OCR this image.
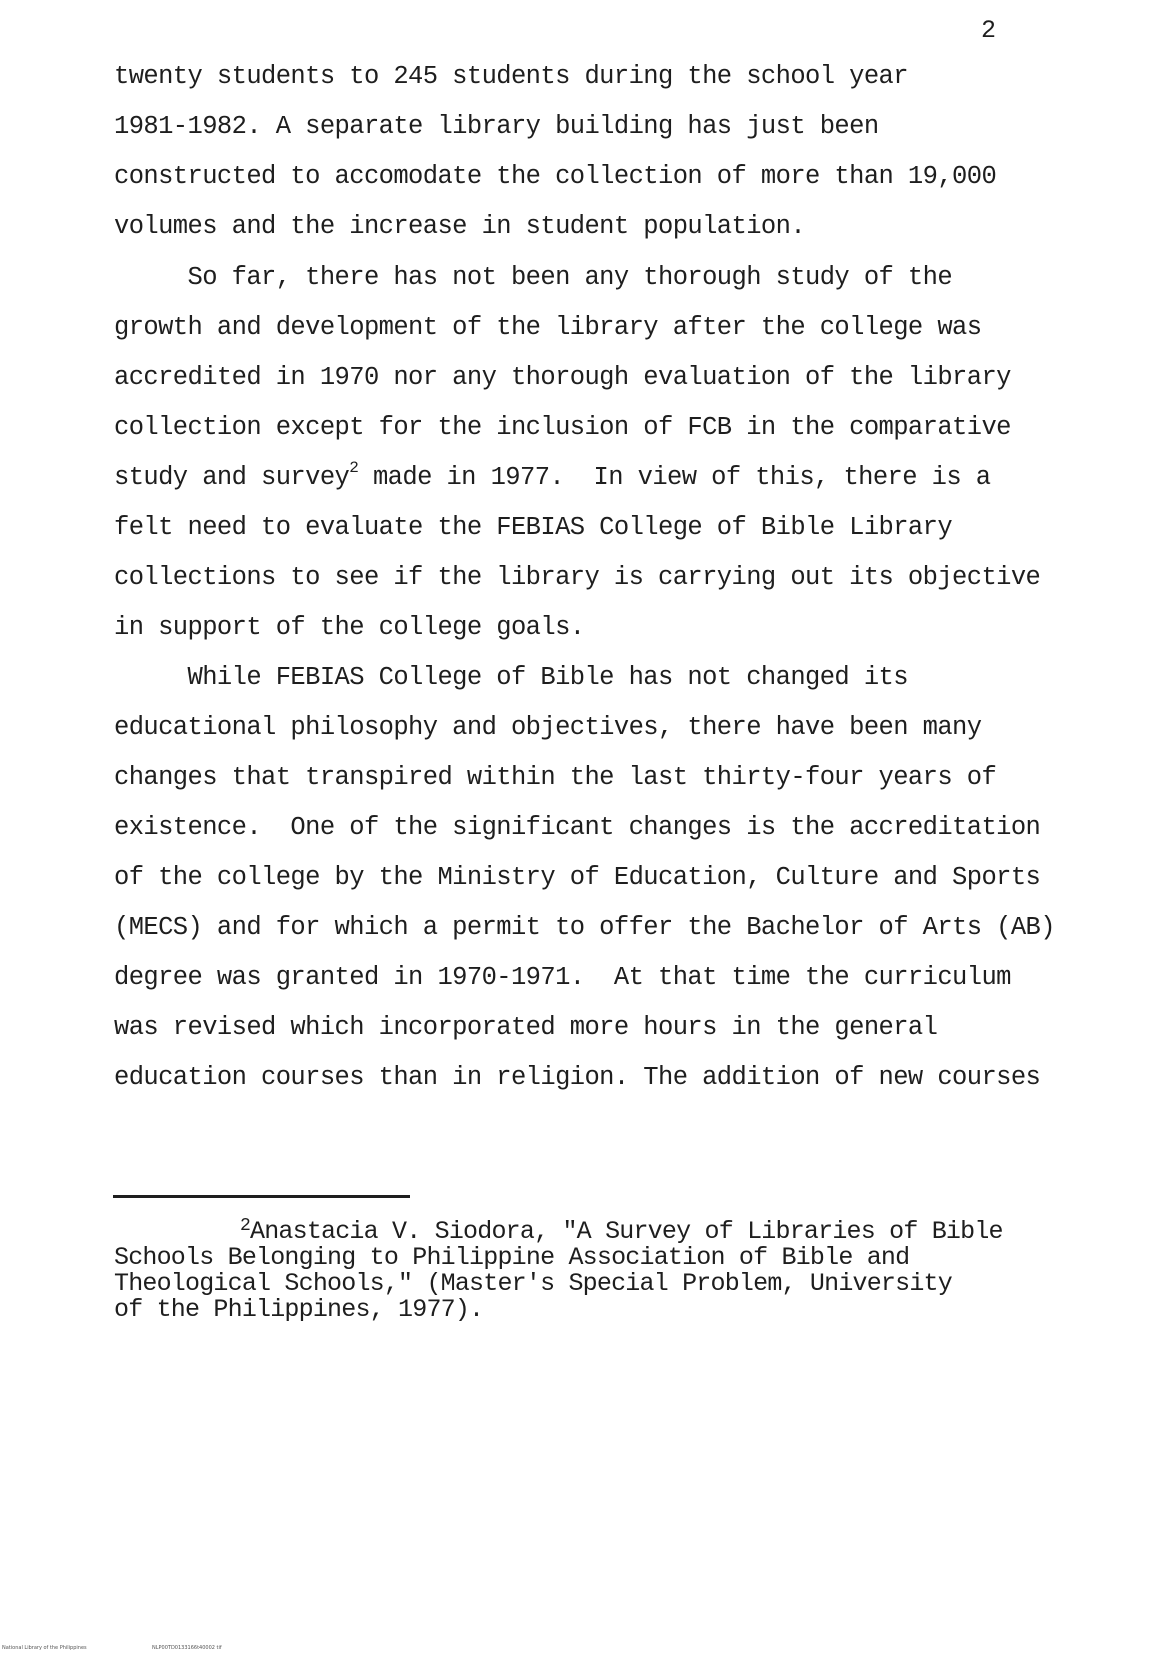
2
twenty students to 245 students during the school year
1981-1982. A separate library building has just been
constructed to accomodate the collection of more than 19,000
volumes and the increase in student population.
So far, there has not been any thorough study of the
growth and development of the library after the college was
accredited in 1970 nor any thorough evaluation of the library
collection except for the inclusion of FCB in the comparative
study and survey$^2$ made in 1977.  In view of this, there is a
felt need to evaluate the FEBIAS College of Bible Library
collections to see if the library is carrying out its objective
in support of the college goals.
While FEBIAS College of Bible has not changed its
educational philosophy and objectives, there have been many
changes that transpired within the last thirty-four years of
existence.  One of the significant changes is the accreditation
of the college by the Ministry of Education, Culture and Sports
(MECS) and for which a permit to offer the Bachelor of Arts (AB)
degree was granted in 1970-1971.  At that time the curriculum
was revised which incorporated more hours in the general
education courses than in religion. The addition of new courses
$^2$Anastacia V. Siodora, "A Survey of Libraries of Bible
Schools Belonging to Philippine Association of Bible and
Theological Schools," (Master's Special Problem, University
of the Philippines, 1977).
National Library of the Philippines	NLP00TD0133166t40002 tif
